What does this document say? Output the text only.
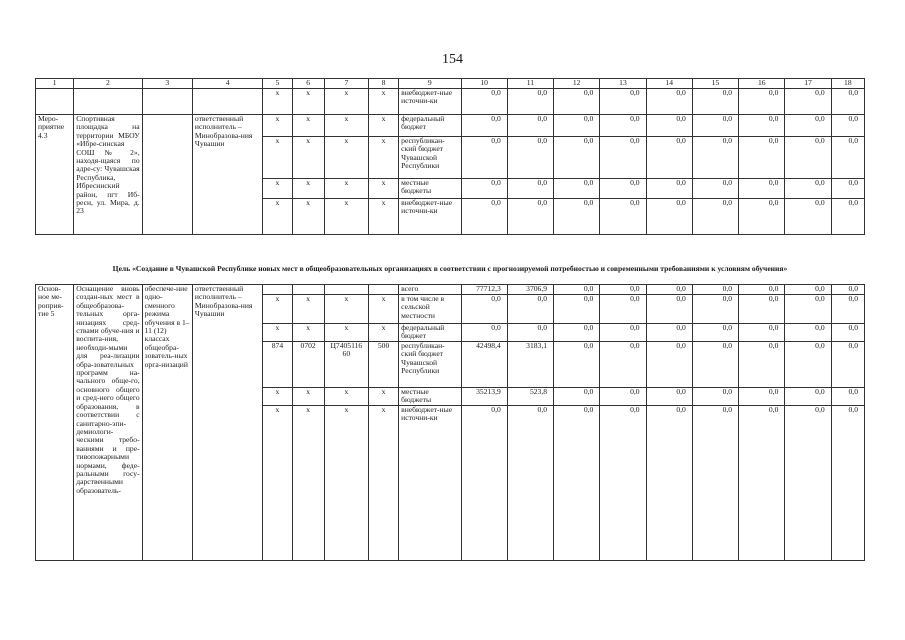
154
1	2	3	4	5	6	7	8	9	10	11	12	13	14	15	16	17	18
				x	x	x	x	внебюджет-ные источни-ки	0,0	0,0	0,0	0,0	0,0	0,0	0,0	0,0	0,0
Меро-приятие 4.3	Спортивная площадка на территории МБОУ «Ибре-синская СОШ № 2», находя-щаяся по адре-су: Чувашская Республика, Ибресинский район, пгт Иб-реси, ул. Мира, д. 23		ответственный исполнитель – Минобразова-ния Чувашии	x	x	x	x	федеральный бюджет	0,0	0,0	0,0	0,0	0,0	0,0	0,0	0,0	0,0
				x	x	x	x	республикан-ский бюджет Чувашской Республики	0,0	0,0	0,0	0,0	0,0	0,0	0,0	0,0	0,0
				x	x	x	x	местные бюджеты	0,0	0,0	0,0	0,0	0,0	0,0	0,0	0,0	0,0
				x	x	x	x	внебюджет-ные источни-ки	0,0	0,0	0,0	0,0	0,0	0,0	0,0	0,0	0,0
Цель «Создание в Чувашской Республике новых мест в общеобразовательных организациях в соответствии с прогнозируемой потребностью и современными требованиями к условиям обучения»
Основ-ное ме-роприя-тие 5	Оснащение вновь создан-ных мест в общеобразова-тельных орга-низациях сред-ствами обуче-ния и воспита-ния, необходи-мыми для реа-лизации обра-зовательных программ на-чального обще-го, основного общего и сред-него общего образования, в соответствии с санитарно-эпи-демиологи-ческими требо-ваниями и пре-тивопожарными нормами, феде-ральными госу-дарственными образователь-	обеспече-ние одно-сменного режима обучения в 1–11 (12) классах общеобра-зователь-ных орга-низаций	ответственный исполнитель – Минобразова-ния Чувашии					всего	77712,3	3706,9	0,0	0,0	0,0	0,0	0,0	0,0	0,0
				x	x	x	x	в том числе в сельской местности	0,0	0,0	0,0	0,0	0,0	0,0	0,0	0,0	0,0
				x	x	x	x	федеральный бюджет	0,0	0,0	0,0	0,0	0,0	0,0	0,0	0,0	0,0
				874	0702	Ц7405116 60	500	республикан-ский бюджет Чувашской Республики	42498,4	3183,1	0,0	0,0	0,0	0,0	0,0	0,0	0,0
				x	x	x	x	местные бюджеты	35213,9	523,8	0,0	0,0	0,0	0,0	0,0	0,0	0,0
				x	x	x	x	внебюджет-ные источни-ки	0,0	0,0	0,0	0,0	0,0	0,0	0,0	0,0	0,0
